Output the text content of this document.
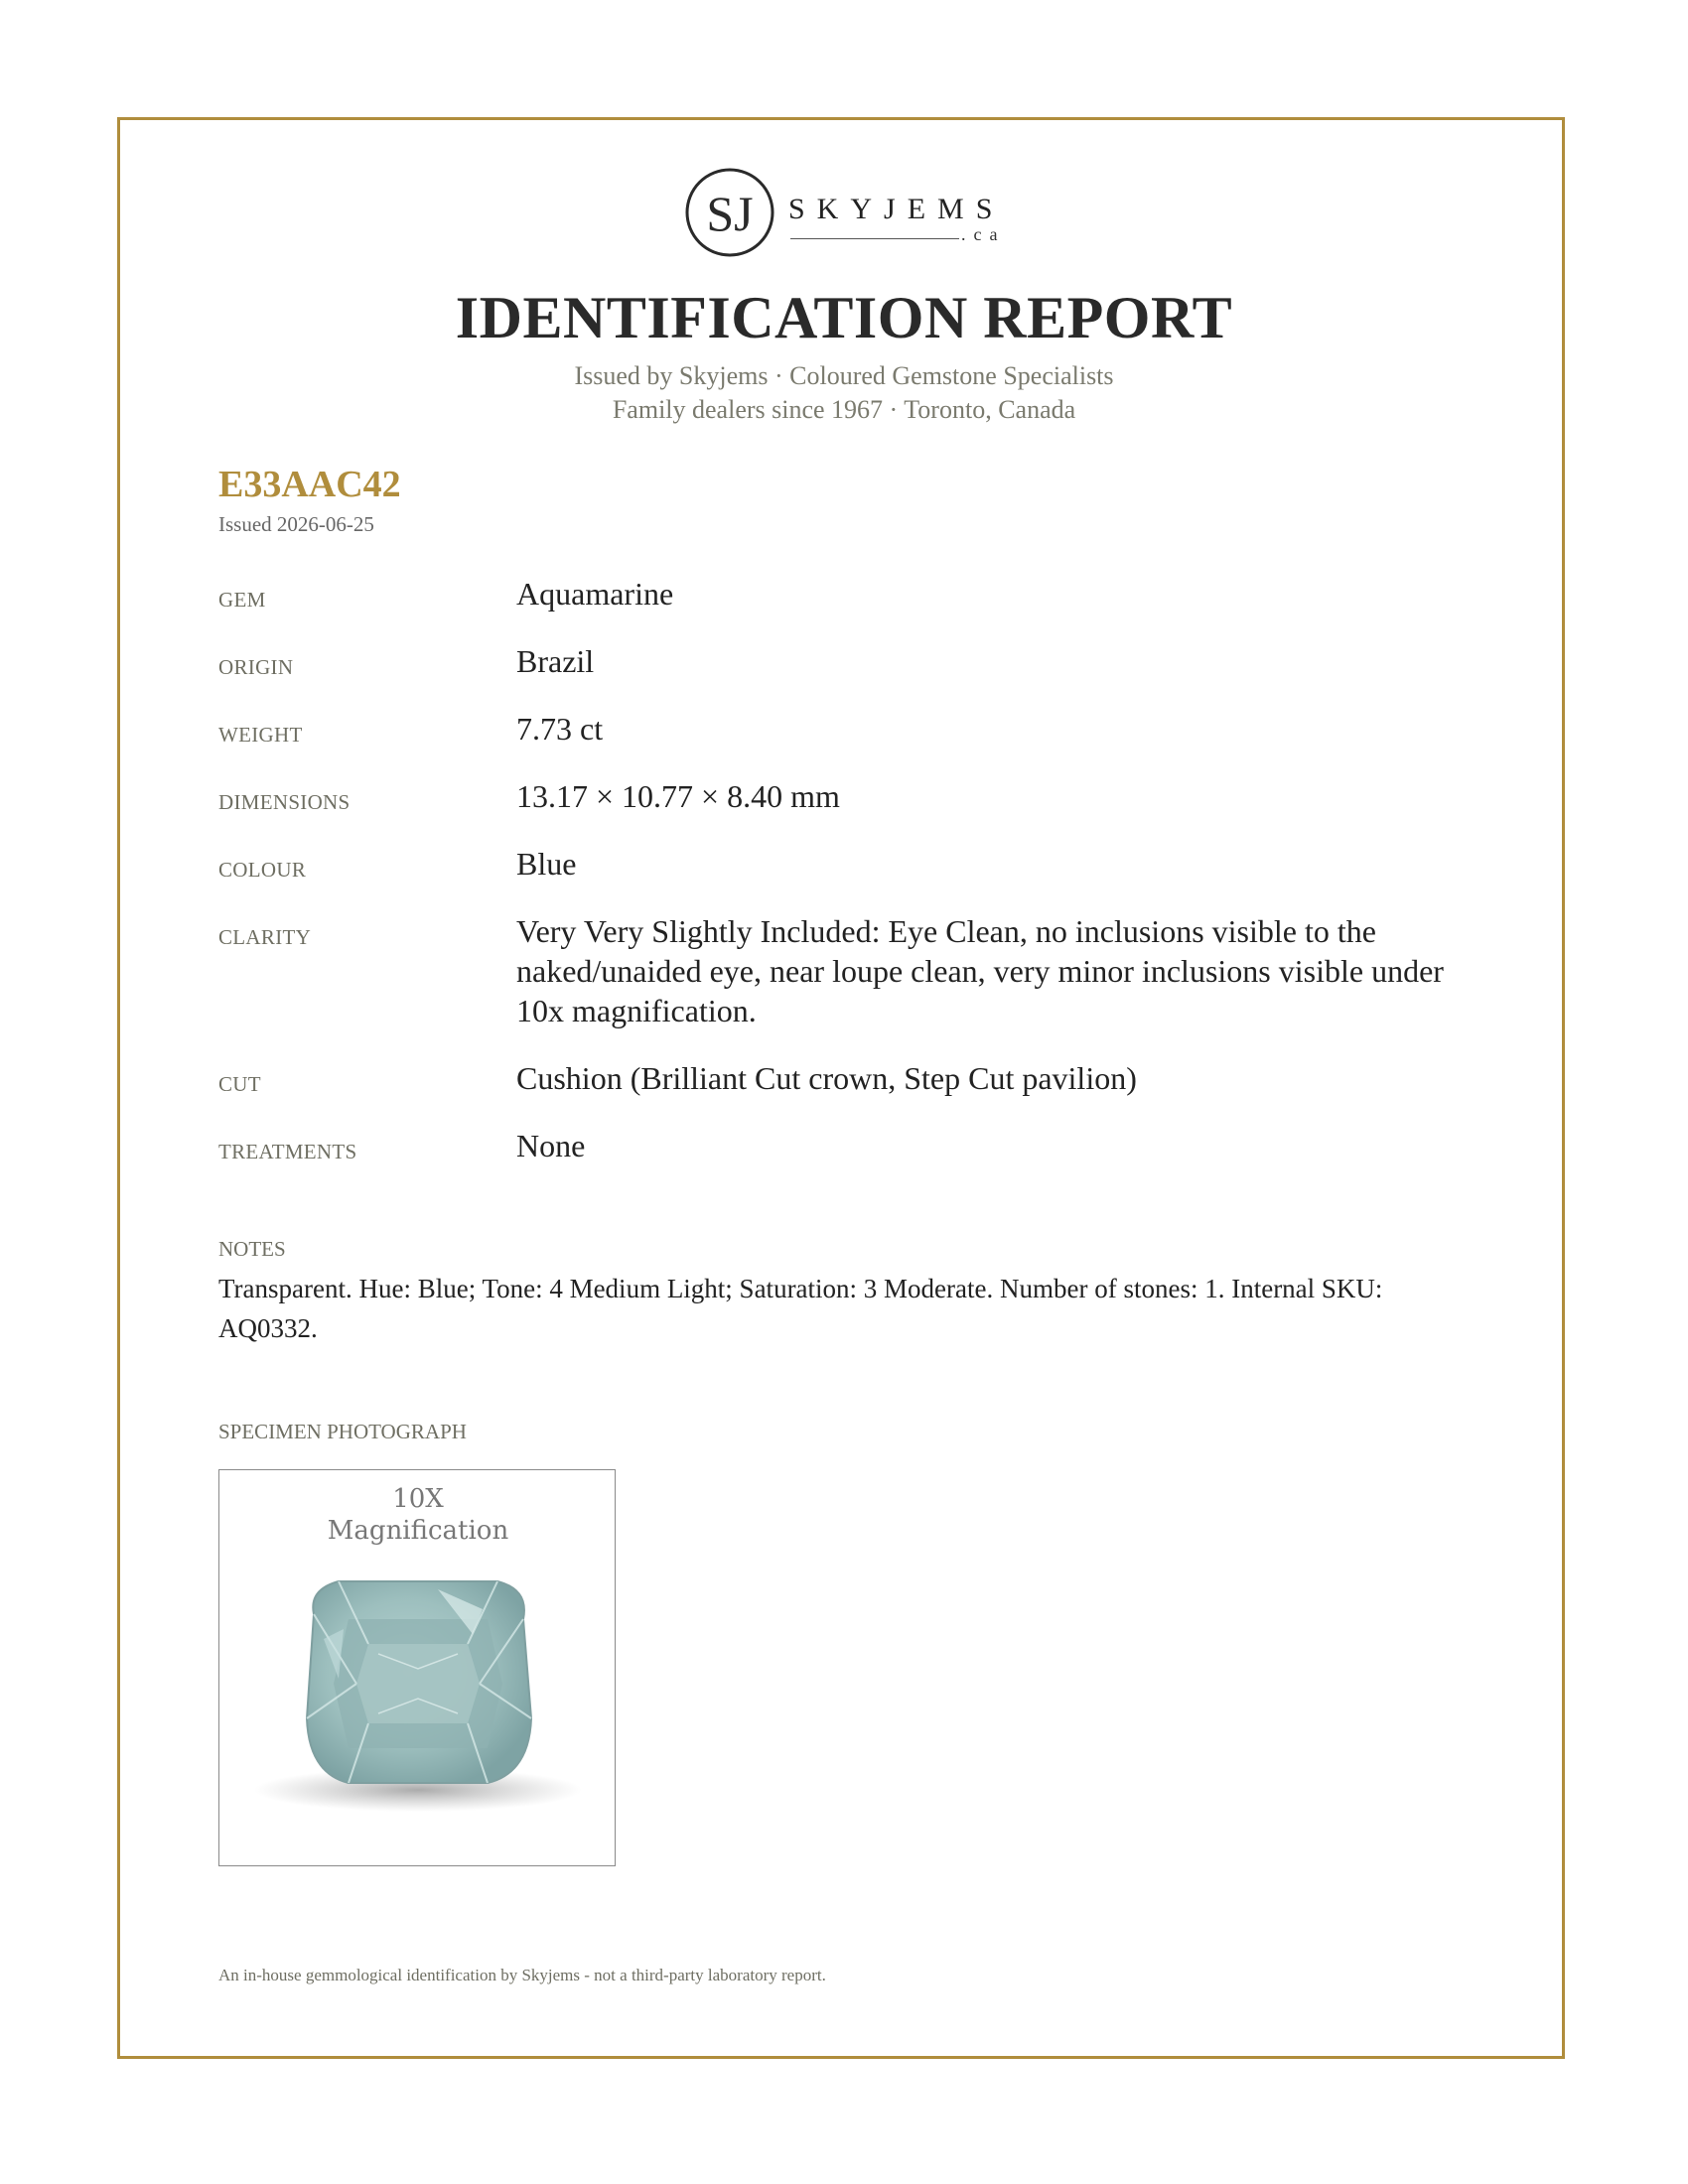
SJ SKYJEMS
.ca
IDENTIFICATION REPORT
Issued by Skyjems · Coloured Gemstone Specialists
Family dealers since 1967 · Toronto, Canada
E33AAC42
Issued 2026-06-25
GEM	Aquamarine
ORIGIN	Brazil
WEIGHT	7.73 ct
DIMENSIONS	13.17 × 10.77 × 8.40 mm
COLOUR	Blue
CLARITY	Very Very Slightly Included: Eye Clean, no inclusions visible to the naked/unaided eye, near loupe clean, very minor inclusions visible under 10x magnification.
CUT	Cushion (Brilliant Cut crown, Step Cut pavilion)
TREATMENTS	None
NOTES
Transparent. Hue: Blue; Tone: 4 Medium Light; Saturation: 3 Moderate. Number of stones: 1. Internal SKU: AQ0332.
SPECIMEN PHOTOGRAPH
10X
Magnification
An in-house gemmological identification by Skyjems - not a third-party laboratory report.
